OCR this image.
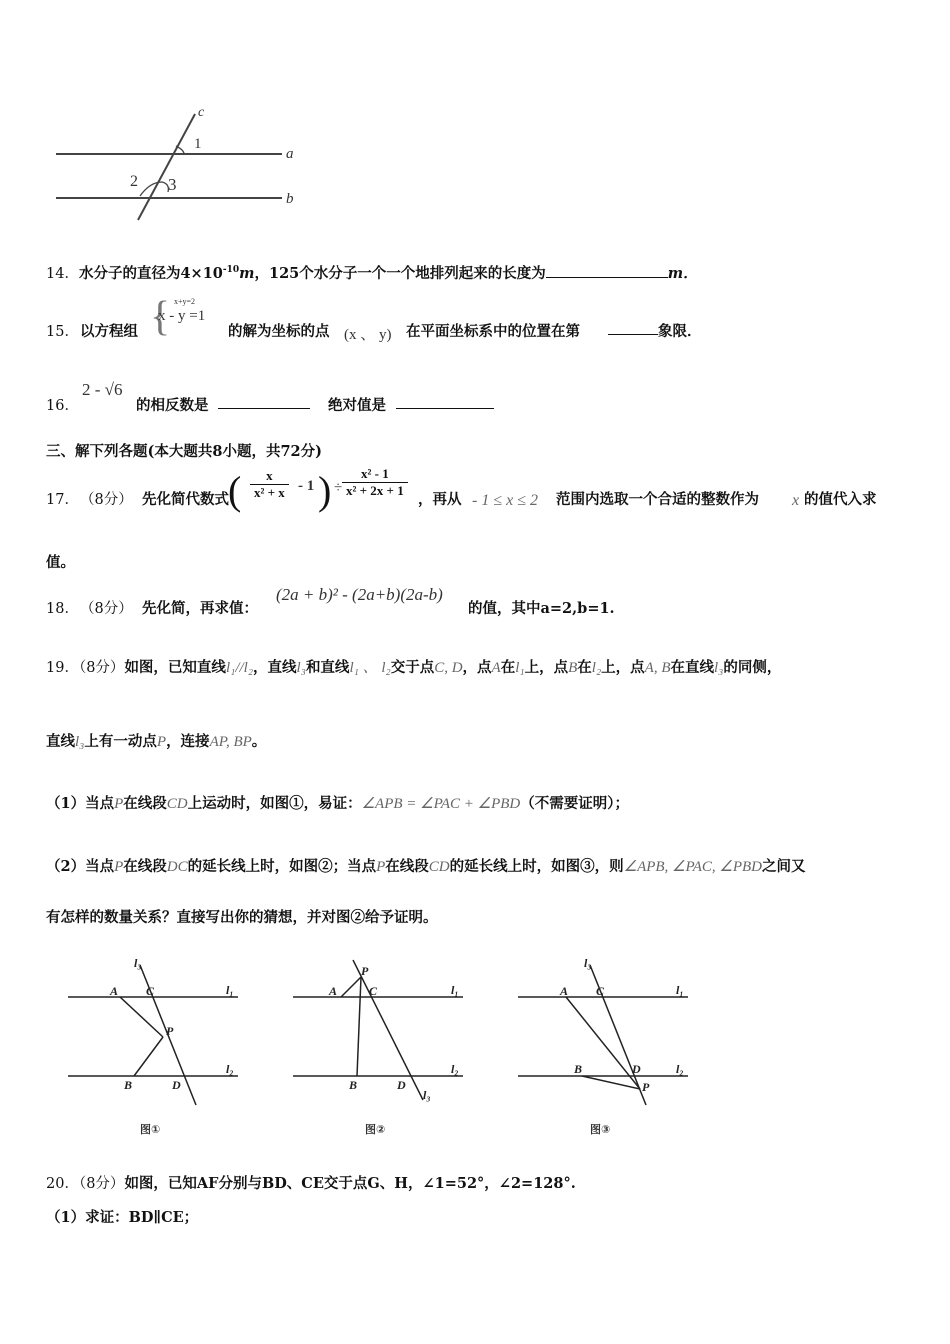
c
1
a
2 3
b
14．水分子的直径为$4\times 10^{-10}m$，125个水分子一个一个地排列起来的长度为	m．
15． 以方程组 { x+y=2
x - y =1
的解为坐标的点 (x 、 y) 在平面坐标系中的位置在第	象限．
16．
2 - √6
的相反数是	绝对值是
三、解下列各题(本大题共8小题，共72分)
17． （8分） 先化简代数式 ( $\frac{x}{\text{x² + x}} - 1$ ) ÷ $\frac{\text{x² - 1}}{\text{x² + 2x + 1}}$
，再从 - 1 ≤ x ≤ 2 范围内选取一个合适的整数作为 x 的值代入求
值。
18． （8分） 先化简，再求值：
(2a + b)² - (2a+b)(2a-b)
的值，其中a=2,b=1.
19．（8分）如图，已知直线l₁//l₂，直线l₃和直线l₁ 、 l₂交于点C, D，点A在l₁上，点B在l₂上，点A, B在直线l₃的同侧，
直线l₃上有一动点P，连接AP, BP。
（1）当点P在线段CD上运动时，如图①，易证：∠APB = ∠PAC + ∠PBD（不需要证明）；
（2）当点P在线段DC的延长线上时，如图②；当点P在线段CD的延长线上时，如图③，则∠APB, ∠PAC, ∠PBD之间又
有怎样的数量关系？直接写出你的猜想，并对图②给予证明。
l₃
A C	l₁
P
l₂
B	D
图①
P
A	C	l₁
l₂
B	D
l₃
图②
l₃
A C	l₁
l₂
B	D
P
图③
20．（8分）如图，已知AF分别与BD、CE交于点G、H，∠1=52°，∠2=128°.
（1）求证：BD∥CE；
